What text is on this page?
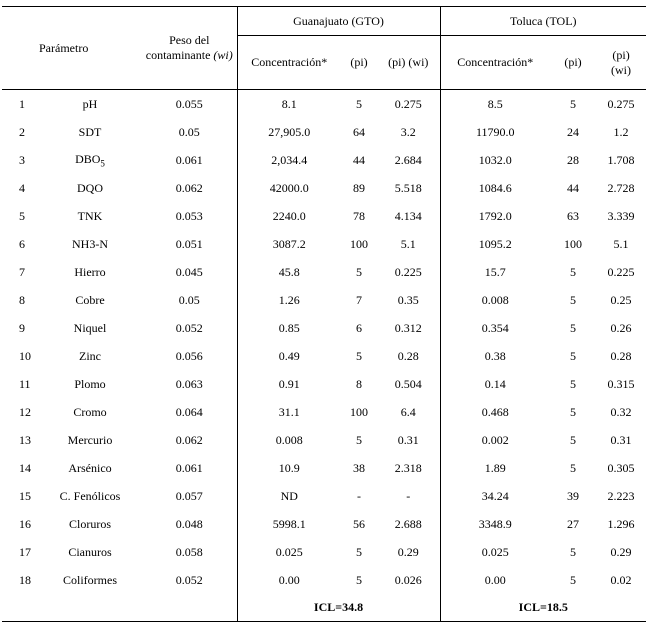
Parámetro		Peso del
contaminante (wi)	Guanajuato (GTO)			Toluca (TOL)		
			Concentración*	(pi)	(pi) (wi)	Concentración*	(pi)	(pi)
(wi)
1	pH	0.055	8.1	5	0.275	8.5	5	0.275
2	SDT	0.05	27,905.0	64	3.2	11790.0	24	1.2
3	$DBO_5$	0.061	2,034.4	44	2.684	1032.0	28	1.708
4	DQO	0.062	42000.0	89	5.518	1084.6	44	2.728
5	TNK	0.053	2240.0	78	4.134	1792.0	63	3.339
6	NH3-N	0.051	3087.2	100	5.1	1095.2	100	5.1
7	Hierro	0.045	45.8	5	0.225	15.7	5	0.225
8	Cobre	0.05	1.26	7	0.35	0.008	5	0.25
9	Niquel	0.052	0.85	6	0.312	0.354	5	0.26
10	Zinc	0.056	0.49	5	0.28	0.38	5	0.28
11	Plomo	0.063	0.91	8	0.504	0.14	5	0.315
12	Cromo	0.064	31.1	100	6.4	0.468	5	0.32
13	Mercurio	0.062	0.008	5	0.31	0.002	5	0.31
14	Arsénico	0.061	10.9	38	2.318	1.89	5	0.305
15	C. Fenólicos	0.057	ND	-	-	34.24	39	2.223
16	Cloruros	0.048	5998.1	56	2.688	3348.9	27	1.296
17	Cianuros	0.058	0.025	5	0.29	0.025	5	0.29
18	Coliformes	0.052	0.00	5	0.026	0.00	5	0.02
			ICL=34.8			ICL=18.5		
